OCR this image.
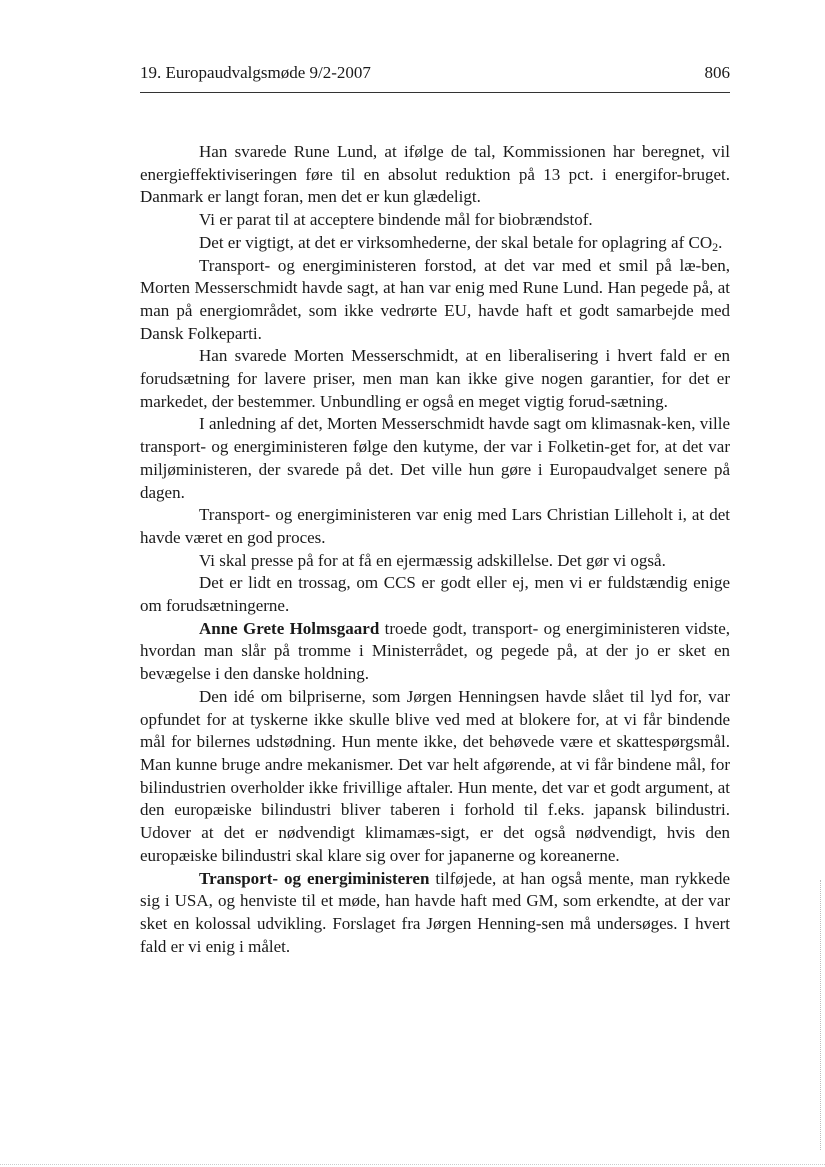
19. Europaudvalgsmøde 9/2-2007	806

Han svarede Rune Lund, at ifølge de tal, Kommissionen har beregnet, vil energieffektiviseringen føre til en absolut reduktion på 13 pct. i energifor-bruget. Danmark er langt foran, men det er kun glædeligt.

Vi er parat til at acceptere bindende mål for biobrændstof.

Det er vigtigt, at det er virksomhederne, der skal betale for oplagring af CO2.

Transport- og energiministeren forstod, at det var med et smil på læ-ben, Morten Messerschmidt havde sagt, at han var enig med Rune Lund. Han pegede på, at man på energiområdet, som ikke vedrørte EU, havde haft et godt samarbejde med Dansk Folkeparti.

Han svarede Morten Messerschmidt, at en liberalisering i hvert fald er en forudsætning for lavere priser, men man kan ikke give nogen garantier, for det er markedet, der bestemmer. Unbundling er også en meget vigtig forud-sætning.

I anledning af det, Morten Messerschmidt havde sagt om klimasnak-ken, ville transport- og energiministeren følge den kutyme, der var i Folketin-get for, at det var miljøministeren, der svarede på det. Det ville hun gøre i Europaudvalget senere på dagen.

Transport- og energiministeren var enig med Lars Christian Lilleholt i, at det havde været en god proces.

Vi skal presse på for at få en ejermæssig adskillelse. Det gør vi også.

Det er lidt en trossag, om CCS er godt eller ej, men vi er fuldstændig enige om forudsætningerne.

Anne Grete Holmsgaard troede godt, transport- og energiministeren vidste, hvordan man slår på tromme i Ministerrådet, og pegede på, at der jo er sket en bevægelse i den danske holdning.

Den idé om bilpriserne, som Jørgen Henningsen havde slået til lyd for, var opfundet for at tyskerne ikke skulle blive ved med at blokere for, at vi får bindende mål for bilernes udstødning. Hun mente ikke, det behøvede være et skattespørgsmål. Man kunne bruge andre mekanismer. Det var helt afgørende, at vi får bindene mål, for bilindustrien overholder ikke frivillige aftaler. Hun mente, det var et godt argument, at den europæiske bilindustri bliver taberen i forhold til f.eks. japansk bilindustri. Udover at det er nødvendigt klimamæs-sigt, er det også nødvendigt, hvis den europæiske bilindustri skal klare sig over for japanerne og koreanerne.

Transport- og energiministeren tilføjede, at han også mente, man rykkede sig i USA, og henviste til et møde, han havde haft med GM, som erkendte, at der var sket en kolossal udvikling. Forslaget fra Jørgen Henning-sen må undersøges. I hvert fald er vi enig i målet.
